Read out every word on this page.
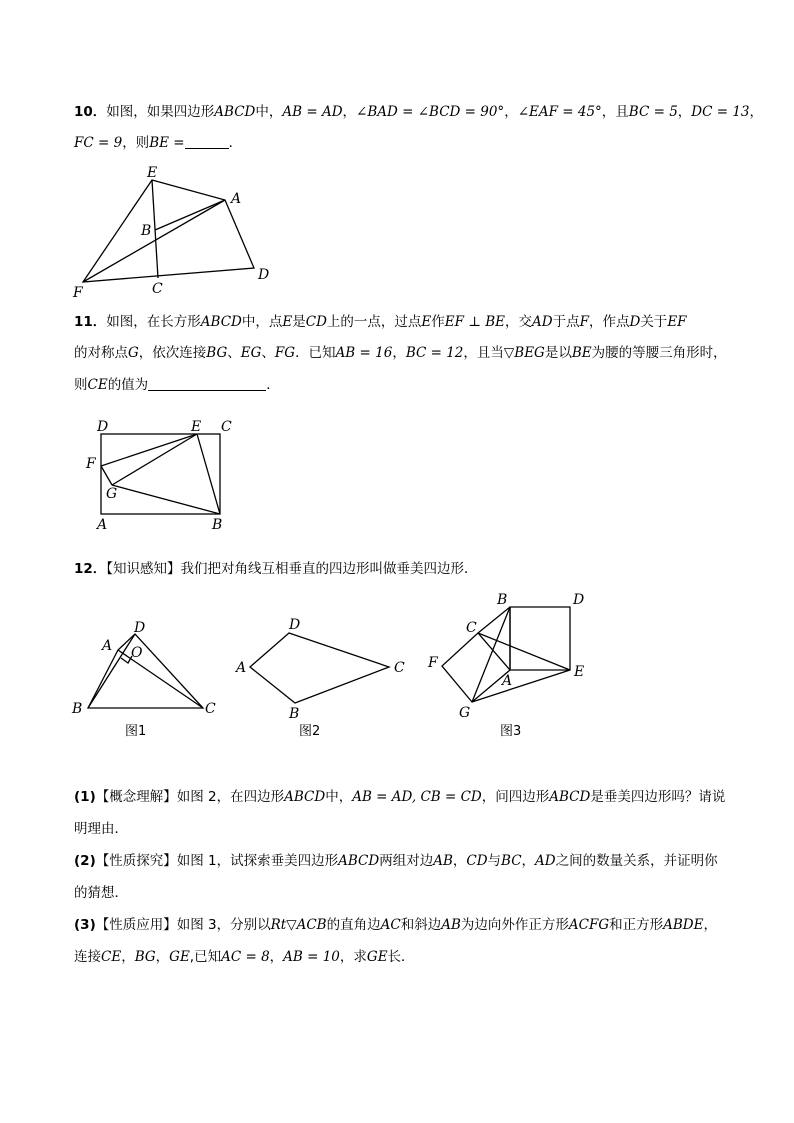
10．如图，如果四边形ABCD中，AB = AD，∠BAD = ∠BCD = 90°，∠EAF = 45°，且BC = 5，DC = 13，
FC = 9，则BE =	．
11．如图，在长方形ABCD中，点E是CD上的一点，过点E作EF ⊥ BE，交AD于点F，作点D关于EF
的对称点G，依次连接BG、EG、FG．已知AB = 16，BC = 12，且当▽BEG是以BE为腰的等腰三角形时，
则CE的值为	．
12．【知识感知】我们把对角线互相垂直的四边形叫做垂美四边形．
(1)【概念理解】如图 2，在四边形ABCD中，AB = AD, CB = CD，问四边形ABCD是垂美四边形吗？请说
明理由．
(2)【性质探究】如图 1，试探索垂美四边形ABCD两组对边AB，CD与BC，AD之间的数量关系，并证明你
的猜想．
(3)【性质应用】如图 3，分别以Rt▽ACB的直角边AC和斜边AB为边向外作正方形ACFG和正方形ABDE，
连接CE，BG，GE,已知AC = 8，AB = 10，求GE长．
E
A
B
D
F	C
D	E C
F
G
A	B
A
D
O
B	C
图1
D
A	C
B
图2
B	D
C
F
A
E
G
图3
